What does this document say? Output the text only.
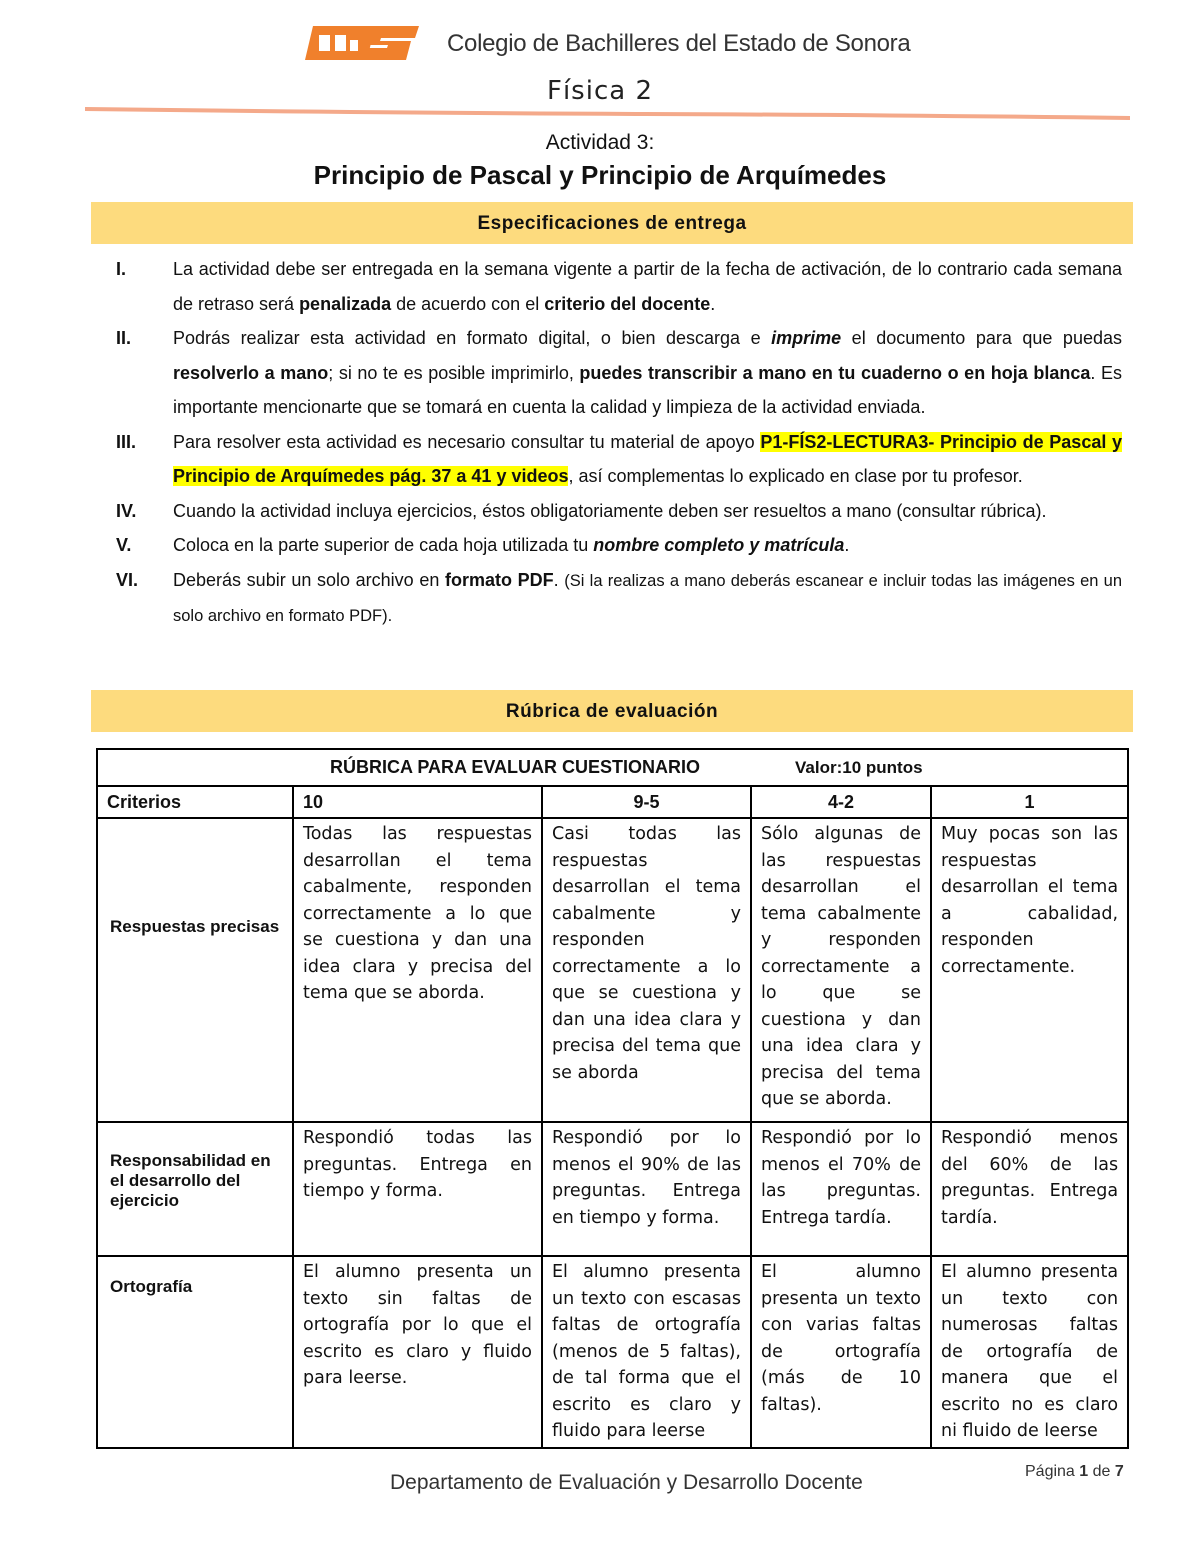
CBS
Colegio de Bachilleres del Estado de Sonora
Física 2
Actividad 3:
Principio de Pascal y Principio de Arquímedes
Especificaciones de entrega
I.	La actividad debe ser entregada en la semana vigente a partir de la fecha de activación, de lo contrario cada semana de retraso será penalizada de acuerdo con el criterio del docente.
II.	Podrás realizar esta actividad en formato digital, o bien descarga e imprime el documento para que puedas resolverlo a mano; si no te es posible imprimirlo, puedes transcribir a mano en tu cuaderno o en hoja blanca. Es importante mencionarte que se tomará en cuenta la calidad y limpieza de la actividad enviada.
III.	Para resolver esta actividad es necesario consultar tu material de apoyo P1-FÍS2-LECTURA3- Principio de Pascal y Principio de Arquímedes pág. 37 a 41 y videos, así complementas lo explicado en clase por tu profesor.
IV.	Cuando la actividad incluya ejercicios, éstos obligatoriamente deben ser resueltos a mano (consultar rúbrica).
V.	Coloca en la parte superior de cada hoja utilizada tu nombre completo y matrícula.
VI.	Deberás subir un solo archivo en formato PDF. (Si la realizas a mano deberás escanear e incluir todas las imágenes en un solo archivo en formato PDF).
Rúbrica de evaluación
RÚBRICA PARA EVALUAR CUESTIONARIO Valor:10 puntos				
Criterios	10	9-5	4-2	1
Respuestas precisas	Todas las respuestas desarrollan el tema cabalmente, responden correctamente a lo que se cuestiona y dan una idea clara y precisa del tema que se aborda.	Casi todas las respuestas desarrollan el tema cabalmente y responden correctamente a lo que se cuestiona y dan una idea clara y precisa del tema que se aborda	Sólo algunas de las respuestas desarrollan el tema cabalmente y responden correctamente a lo que se cuestiona y dan una idea clara y precisa del tema que se aborda.	Muy pocas son las respuestas desarrollan el tema a cabalidad, responden correctamente.
Responsabilidad en el desarrollo del ejercicio	Respondió todas las preguntas. Entrega en tiempo y forma.	Respondió por lo menos el 90% de las preguntas. Entrega en tiempo y forma.	Respondió por lo menos el 70% de las preguntas. Entrega tardía.	Respondió menos del 60% de las preguntas. Entrega tardía.
Ortografía	El alumno presenta un texto sin faltas de ortografía por lo que el escrito es claro y fluido para leerse.	El alumno presenta un texto con escasas faltas de ortografía (menos de 5 faltas), de tal forma que el escrito es claro y fluido para leerse	El alumno presenta un texto con varias faltas de ortografía (más de 10 faltas).	El alumno presenta un texto con numerosas faltas de ortografía de manera que el escrito no es claro ni fluido de leerse
Página 1 de 7
Departamento de Evaluación y Desarrollo Docente
